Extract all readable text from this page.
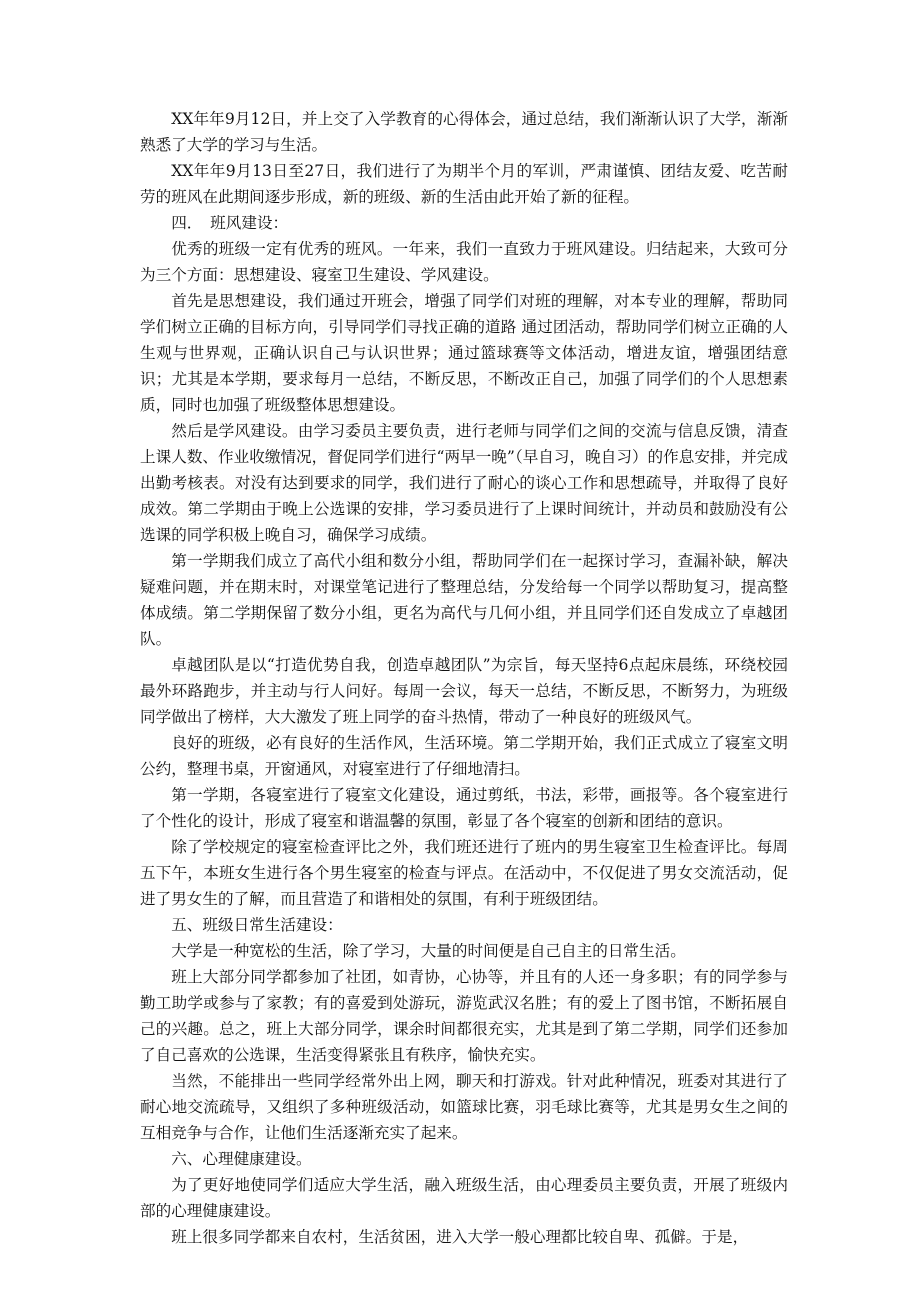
XX年年9月12日，并上交了入学教育的心得体会，通过总结，我们渐渐认识了大学，渐渐熟悉了大学的学习与生活。

XX年年9月13日至27日，我们进行了为期半个月的军训，严肃谨慎、团结友爱、吃苦耐劳的班风在此期间逐步形成，新的班级、新的生活由此开始了新的征程。

四．　班风建设：

优秀的班级一定有优秀的班风。一年来，我们一直致力于班风建设。归结起来，大致可分为三个方面：思想建设、寝室卫生建设、学风建设。

首先是思想建设，我们通过开班会，增强了同学们对班的理解，对本专业的理解，帮助同学们树立正确的目标方向，引导同学们寻找正确的道路 通过团活动，帮助同学们树立正确的人生观与世界观，正确认识自己与认识世界；通过篮球赛等文体活动，增进友谊，增强团结意识；尤其是本学期，要求每月一总结，不断反思，不断改正自己，加强了同学们的个人思想素质，同时也加强了班级整体思想建设。

然后是学风建设。由学习委员主要负责，进行老师与同学们之间的交流与信息反馈，清查上课人数、作业收缴情况，督促同学们进行“两早一晚”（早自习，晚自习）的作息安排，并完成出勤考核表。对没有达到要求的同学，我们进行了耐心的谈心工作和思想疏导，并取得了良好成效。第二学期由于晚上公选课的安排，学习委员进行了上课时间统计，并动员和鼓励没有公选课的同学积极上晚自习，确保学习成绩。

第一学期我们成立了高代小组和数分小组，帮助同学们在一起探讨学习，查漏补缺，解决疑难问题，并在期末时，对课堂笔记进行了整理总结，分发给每一个同学以帮助复习，提高整体成绩。第二学期保留了数分小组，更名为高代与几何小组，并且同学们还自发成立了卓越团队。

卓越团队是以“打造优势自我，创造卓越团队”为宗旨，每天坚持6点起床晨练，环绕校园最外环路跑步，并主动与行人问好。每周一会议，每天一总结，不断反思，不断努力，为班级同学做出了榜样，大大激发了班上同学的奋斗热情，带动了一种良好的班级风气。

良好的班级，必有良好的生活作风，生活环境。第二学期开始，我们正式成立了寝室文明公约，整理书桌，开窗通风，对寝室进行了仔细地清扫。

第一学期，各寝室进行了寝室文化建设，通过剪纸，书法，彩带，画报等。各个寝室进行了个性化的设计，形成了寝室和谐温馨的氛围，彰显了各个寝室的创新和团结的意识。

除了学校规定的寝室检查评比之外，我们班还进行了班内的男生寝室卫生检查评比。每周五下午，本班女生进行各个男生寝室的检查与评点。在活动中，不仅促进了男女交流活动，促进了男女生的了解，而且营造了和谐相处的氛围，有利于班级团结。

五、班级日常生活建设：

大学是一种宽松的生活，除了学习，大量的时间便是自己自主的日常生活。

班上大部分同学都参加了社团，如青协，心协等，并且有的人还一身多职；有的同学参与勤工助学或参与了家教；有的喜爱到处游玩，游览武汉名胜；有的爱上了图书馆，不断拓展自己的兴趣。总之，班上大部分同学，课余时间都很充实，尤其是到了第二学期，同学们还参加了自己喜欢的公选课，生活变得紧张且有秩序，愉快充实。

当然，不能排出一些同学经常外出上网，聊天和打游戏。针对此种情况，班委对其进行了耐心地交流疏导，又组织了多种班级活动，如篮球比赛，羽毛球比赛等，尤其是男女生之间的互相竞争与合作，让他们生活逐渐充实了起来。

六、心理健康建设。

为了更好地使同学们适应大学生活，融入班级生活，由心理委员主要负责，开展了班级内部的心理健康建设。

班上很多同学都来自农村，生活贫困，进入大学一般心理都比较自卑、孤僻。于是，
